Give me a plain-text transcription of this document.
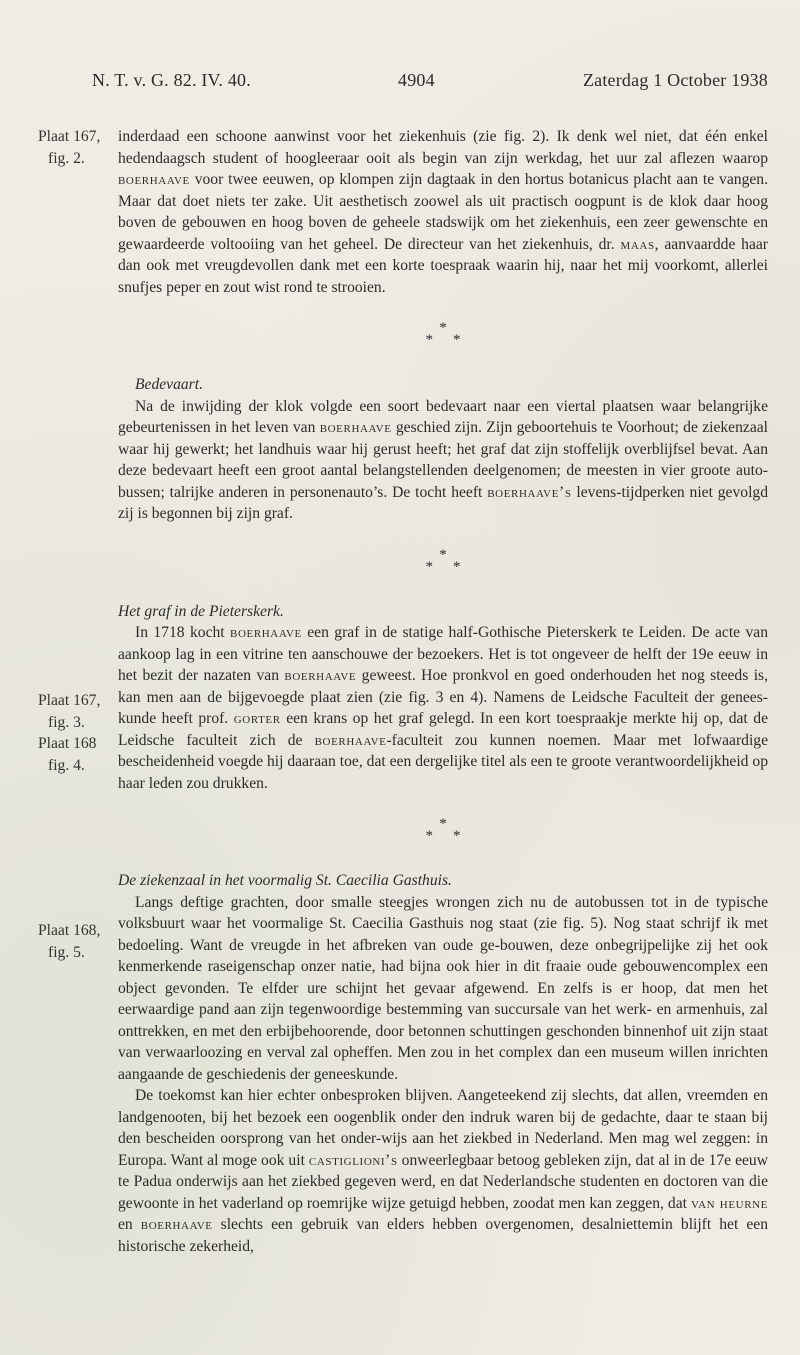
N. T. v. G. 82. IV. 40.	4904	Zaterdag 1 October 1938
Plaat 167,
fig. 2.
Plaat 167,
fig. 3.
Plaat 168
fig. 4.
Plaat 168,
fig. 5.

inderdaad een schoone aanwinst voor het ziekenhuis (zie fig. 2). Ik denk wel niet, dat één enkel hedendaagsch student of hoogleeraar ooit als begin van zijn werkdag, het uur zal aflezen waarop boerhaave voor twee eeuwen, op klompen zijn dagtaak in den hortus botanicus placht aan te vangen. Maar dat doet niets ter zake. Uit aesthetisch zoowel als uit practisch oogpunt is de klok daar hoog boven de gebouwen en hoog boven de geheele stadswijk om het ziekenhuis, een zeer gewenschte en gewaardeerde voltooiing van het geheel. De directeur van het ziekenhuis, dr. maas, aanvaardde haar dan ook met vreugdevollen dank met een korte toespraak waarin hij, naar het mij voorkomt, allerlei snufjes peper en zout wist rond te strooien.

*
**

Bedevaart.

Na de inwijding der klok volgde een soort bedevaart naar een viertal plaatsen waar belangrijke gebeurtenissen in het leven van boerhaave geschied zijn. Zijn geboortehuis te Voorhout; de ziekenzaal waar hij gewerkt; het landhuis waar hij gerust heeft; het graf dat zijn stoffelijk overblijfsel bevat. Aan deze bedevaart heeft een groot aantal belangstellenden deelgenomen; de meesten in vier groote auto-bussen; talrijke anderen in personenauto’s. De tocht heeft boerhaave’s levens-tijdperken niet gevolgd zij is begonnen bij zijn graf.

*
**

Het graf in de Pieterskerk.

In 1718 kocht boerhaave een graf in de statige half-Gothische Pieterskerk te Leiden. De acte van aankoop lag in een vitrine ten aanschouwe der bezoekers. Het is tot ongeveer de helft der 19e eeuw in het bezit der nazaten van boerhaave geweest. Hoe pronkvol en goed onderhouden het nog steeds is, kan men aan de bijgevoegde plaat zien (zie fig. 3 en 4). Namens de Leidsche Faculteit der genees-kunde heeft prof. gorter een krans op het graf gelegd. In een kort toespraakje merkte hij op, dat de Leidsche faculteit zich de boerhaave-faculteit zou kunnen noemen. Maar met lofwaardige bescheidenheid voegde hij daaraan toe, dat een dergelijke titel als een te groote verantwoordelijkheid op haar leden zou drukken.

*
**

De ziekenzaal in het voormalig St. Caecilia Gasthuis.

Langs deftige grachten, door smalle steegjes wrongen zich nu de autobussen tot in de typische volksbuurt waar het voormalige St. Caecilia Gasthuis nog staat (zie fig. 5). Nog staat schrijf ik met bedoeling. Want de vreugde in het afbreken van oude ge-bouwen, deze onbegrijpelijke zij het ook kenmerkende raseigenschap onzer natie, had bijna ook hier in dit fraaie oude gebouwencomplex een object gevonden. Te elfder ure schijnt het gevaar afgewend. En zelfs is er hoop, dat men het eerwaardige pand aan zijn tegenwoordige bestemming van succursale van het werk- en armenhuis, zal onttrekken, en met den erbijbehoorende, door betonnen schuttingen geschonden binnenhof uit zijn staat van verwaarloozing en verval zal opheffen. Men zou in het complex dan een museum willen inrichten aangaande de geschiedenis der geneeskunde.

De toekomst kan hier echter onbesproken blijven. Aangeteekend zij slechts, dat allen, vreemden en landgenooten, bij het bezoek een oogenblik onder den indruk waren bij de gedachte, daar te staan bij den bescheiden oorsprong van het onder-wijs aan het ziekbed in Nederland. Men mag wel zeggen: in Europa. Want al moge ook uit castiglioni’s onweerlegbaar betoog gebleken zijn, dat al in de 17e eeuw te Padua onderwijs aan het ziekbed gegeven werd, en dat Nederlandsche studenten en doctoren van die gewoonte in het vaderland op roemrijke wijze getuigd hebben, zoodat men kan zeggen, dat van heurne en boerhaave slechts een gebruik van elders hebben overgenomen, desalniettemin blijft het een historische zekerheid,
